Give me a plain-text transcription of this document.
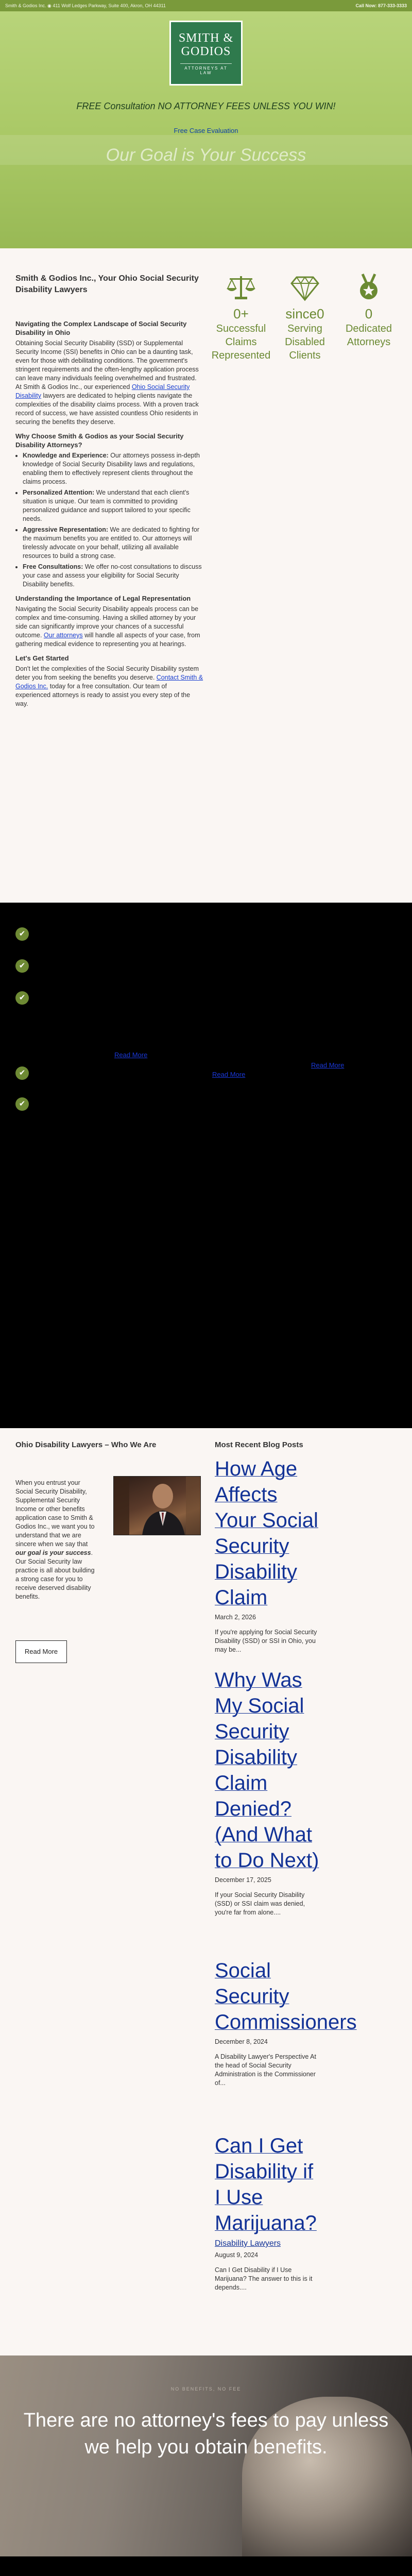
Smith & Godios Inc. ◉ 411 Wolf Ledges Parkway, Suite 400, Akron, OH 44311	Call Now: 877-333-3333
SMITH &
GODIOS
ATTORNEYS AT LAW
FREE Consultation NO ATTORNEY FEES UNLESS YOU WIN!
Free Case Evaluation
Our Goal is Your Success
Smith & Godios Inc., Your Ohio Social Security Disability Lawyers
Navigating the Complex Landscape of Social Security Disability in Ohio

Obtaining Social Security Disability (SSD) or Supplemental Security Income (SSI) benefits in Ohio can be a daunting task, even for those with debilitating conditions. The government's stringent requirements and the often-lengthy application process can leave many individuals feeling overwhelmed and frustrated. At Smith & Godios Inc., our experienced Ohio Social Security Disability lawyers are dedicated to helping clients navigate the complexities of the disability claims process. With a proven track record of success, we have assisted countless Ohio residents in securing the benefits they deserve.

Why Choose Smith & Godios as your Social Security Disability Attorneys?
• Knowledge and Experience: Our attorneys possess in-depth knowledge of Social Security Disability laws and regulations, enabling them to effectively represent clients throughout the claims process.
• Personalized Attention: We understand that each client's situation is unique. Our team is committed to providing personalized guidance and support tailored to your specific needs.
• Aggressive Representation: We are dedicated to fighting for the maximum benefits you are entitled to. Our attorneys will tirelessly advocate on your behalf, utilizing all available resources to build a strong case.
• Free Consultations: We offer no-cost consultations to discuss your case and assess your eligibility for Social Security Disability benefits.
Understanding the Importance of Legal Representation

Navigating the Social Security Disability appeals process can be complex and time-consuming. Having a skilled attorney by your side can significantly improve your chances of a successful outcome. Our attorneys will handle all aspects of your case, from gathering medical evidence to representing you at hearings.

Let's Get Started

Don't let the complexities of the Social Security Disability system deter you from seeking the benefits you deserve. Contact Smith & Godios Inc. today for a free consultation. Our team of experienced attorneys is ready to assist you every step of the way.

0+
Successful Claims Represented
since0
Serving Disabled Clients
0
Dedicated Attorneys
✔
✔
✔
✔
✔
Read More
Read More
Read More
Ohio Disability Lawyers – Who We Are
When you entrust your Social Security Disability, Supplemental Security Income or other benefits application case to Smith & Godios Inc., we want you to understand that we are sincere when we say that our goal is your success. Our Social Security law practice is all about building a strong case for you to receive deserved disability benefits.
Read More
Most Recent Blog Posts
How Age Affects Your Social Security Disability Claim
March 2, 2026
If you're applying for Social Security Disability (SSD) or SSI in Ohio, you may be...
Why Was My Social Security Disability Claim Denied? (And What to Do Next)
December 17, 2025
If your Social Security Disability (SSD) or SSI claim was denied, you're far from alone....
Social Security Commissioners
December 8, 2024
A Disability Lawyer's Perspective At the head of Social Security Administration is the Commissioner of...
Can I Get Disability if I Use Marijuana?
Disability Lawyers
August 9, 2024
Can I Get Disability if I Use Marijuana? The answer to this is it depends....
NO BENEFITS, NO FEE
There are no attorney's fees to pay unless we help you obtain benefits.
